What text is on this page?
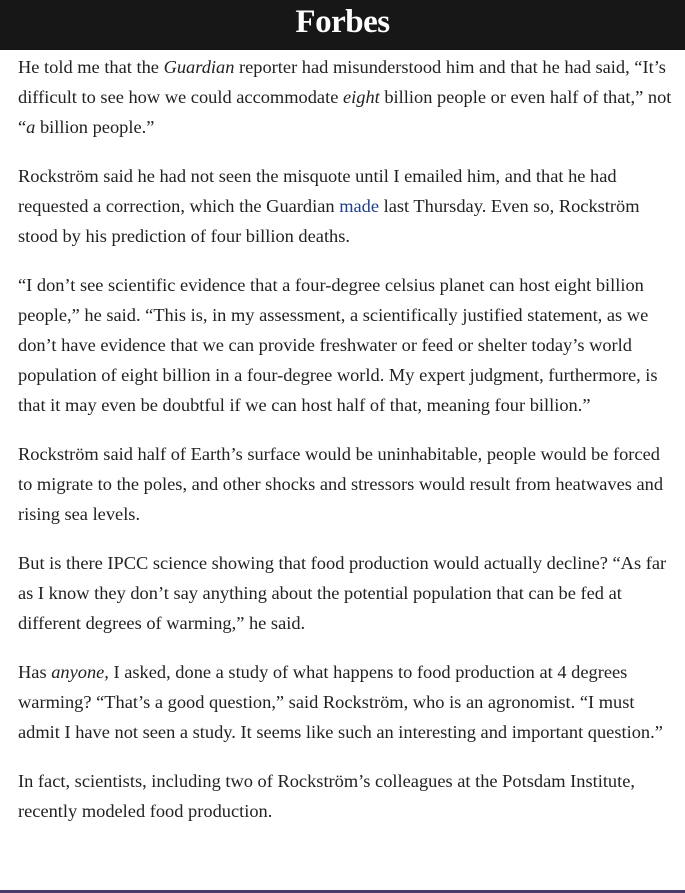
Forbes

He told me that the Guardian reporter had misunderstood him and that he had said, “It’s difficult to see how we could accommodate eight billion people or even half of that,” not “a billion people.”

Rockström said he had not seen the misquote until I emailed him, and that he had requested a correction, which the Guardian made last Thursday. Even so, Rockström stood by his prediction of four billion deaths.

“I don’t see scientific evidence that a four-degree celsius planet can host eight billion people,” he said. “This is, in my assessment, a scientifically justified statement, as we don’t have evidence that we can provide freshwater or feed or shelter today’s world population of eight billion in a four-degree world. My expert judgment, furthermore, is that it may even be doubtful if we can host half of that, meaning four billion.”

Rockström said half of Earth’s surface would be uninhabitable, people would be forced to migrate to the poles, and other shocks and stressors would result from heatwaves and rising sea levels.

But is there IPCC science showing that food production would actually decline? “As far as I know they don’t say anything about the potential population that can be fed at different degrees of warming,” he said.

Has anyone, I asked, done a study of what happens to food production at 4 degrees warming? “That’s a good question,” said Rockström, who is an agronomist. “I must admit I have not seen a study. It seems like such an interesting and important question.”

In fact, scientists, including two of Rockström’s colleagues at the Potsdam Institute, recently modeled food production.
